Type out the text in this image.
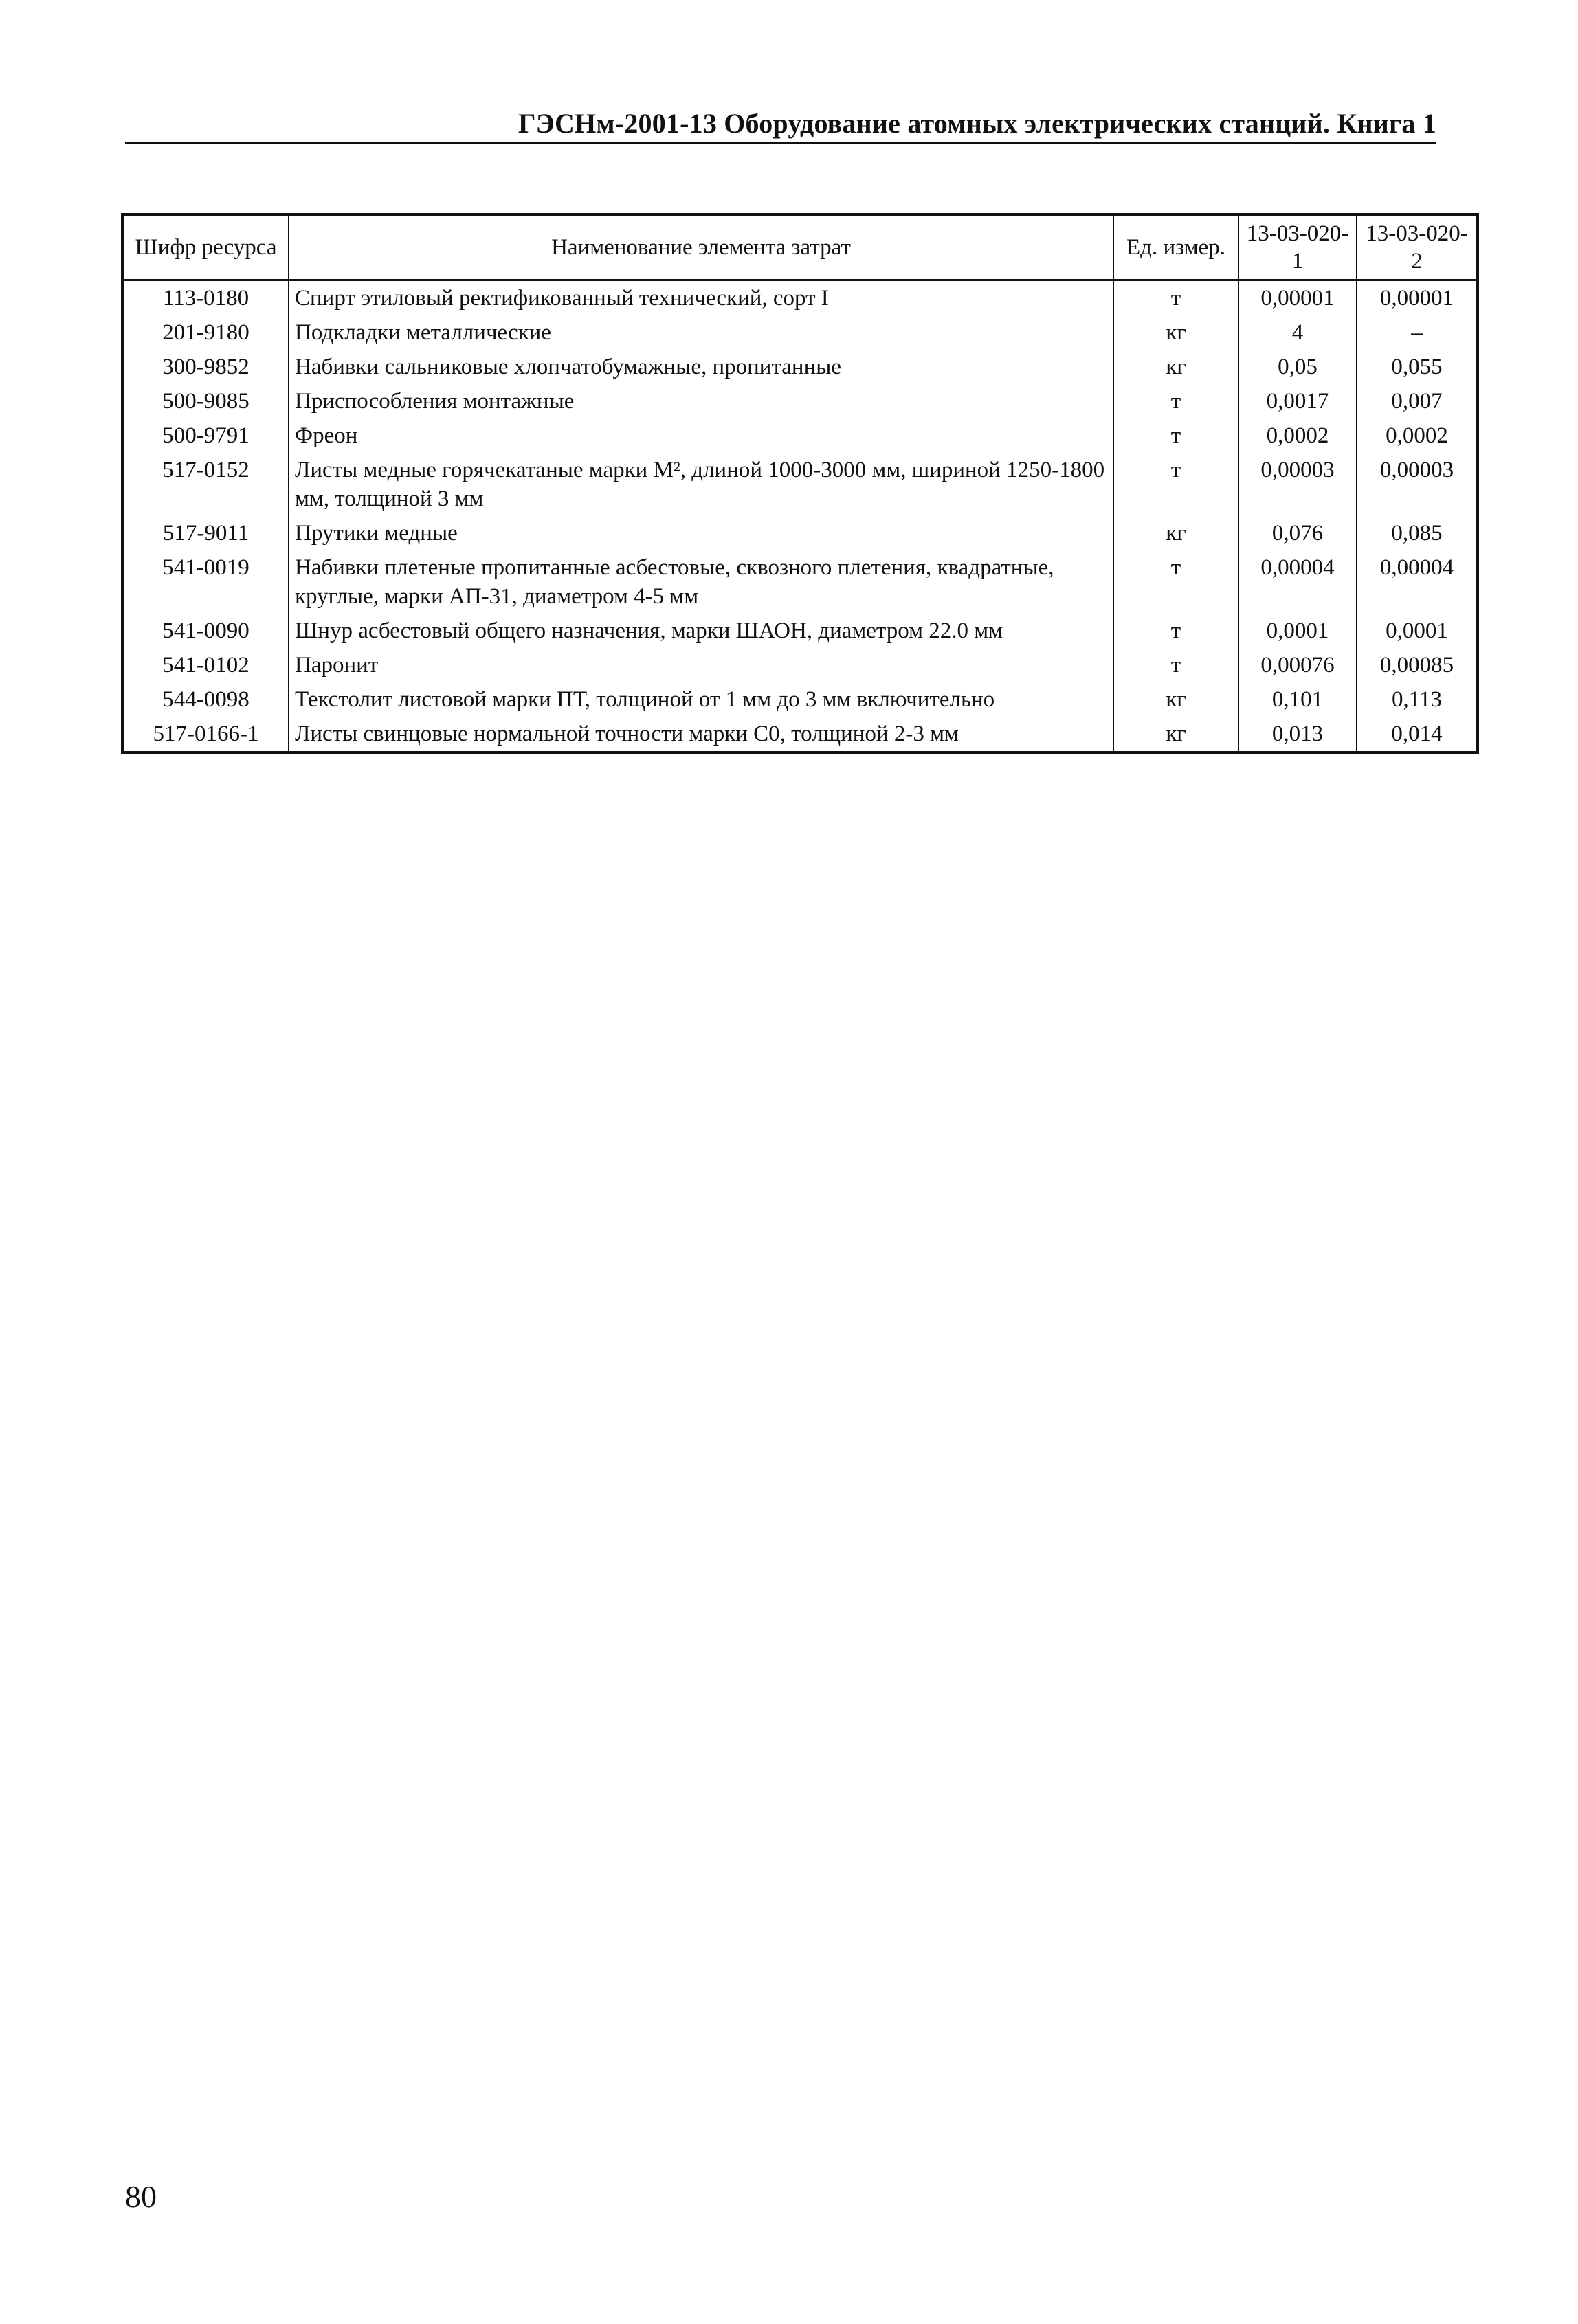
ГЭСНм-2001-13 Оборудование атомных электрических станций. Книга 1
Шифр ресурса	Наименование элемента затрат	Ед. измер.	13-03-020-1	13-03-020-2
113-0180	Спирт этиловый ректификованный технический, сорт I	т	0,00001	0,00001
201-9180	Подкладки металлические	кг	4	–
300-9852	Набивки сальниковые хлопчатобумажные, пропитанные	кг	0,05	0,055
500-9085	Приспособления монтажные	т	0,0017	0,007
500-9791	Фреон	т	0,0002	0,0002
517-0152	Листы медные горячекатаные марки М², длиной 1000-3000 мм, шириной 1250-1800 мм, толщиной 3 мм	т	0,00003	0,00003
517-9011	Прутики медные	кг	0,076	0,085
541-0019	Набивки плетеные пропитанные асбестовые, сквозного плетения, квадратные, круглые, марки АП-31, диаметром 4-5 мм	т	0,00004	0,00004
541-0090	Шнур асбестовый общего назначения, марки ШАОН, диаметром 22.0 мм	т	0,0001	0,0001
541-0102	Паронит	т	0,00076	0,00085
544-0098	Текстолит листовой марки ПТ, толщиной от 1 мм до 3 мм включительно	кг	0,101	0,113
517-0166-1	Листы свинцовые нормальной точности марки С0, толщиной 2-3 мм	кг	0,013	0,014
80
